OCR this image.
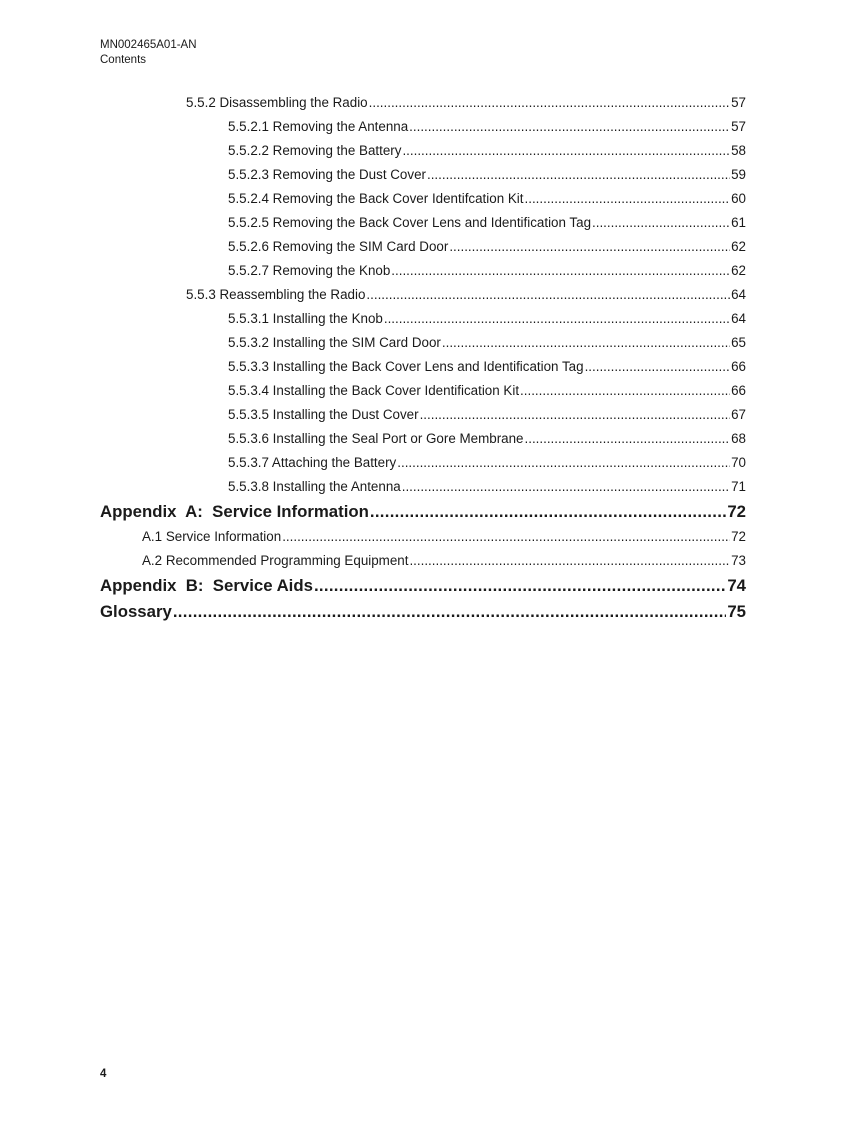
MN002465A01-AN
Contents
5.5.2 Disassembling the Radio .....	57
5.5.2.1 Removing the Antenna .....	57
5.5.2.2 Removing the Battery .....	58
5.5.2.3 Removing the Dust Cover .....	59
5.5.2.4 Removing the Back Cover Identifcation Kit .....	60
5.5.2.5 Removing the Back Cover Lens and Identification Tag .....	61
5.5.2.6 Removing the SIM Card Door .....	62
5.5.2.7 Removing the Knob .....	62
5.5.3 Reassembling the Radio .....	64
5.5.3.1 Installing the Knob .....	64
5.5.3.2 Installing the SIM Card Door .....	65
5.5.3.3 Installing the Back Cover Lens and Identification Tag .....	66
5.5.3.4 Installing the Back Cover Identification Kit .....	66
5.5.3.5 Installing the Dust Cover .....	67
5.5.3.6 Installing the Seal Port or Gore Membrane .....	68
5.5.3.7 Attaching the Battery .....	70
5.5.3.8 Installing the Antenna .....	71
Appendix  A:  Service Information .....	72
A.1 Service Information .....	72
A.2 Recommended Programming Equipment .....	73
Appendix  B:  Service Aids .....	74
Glossary .....	75
4
